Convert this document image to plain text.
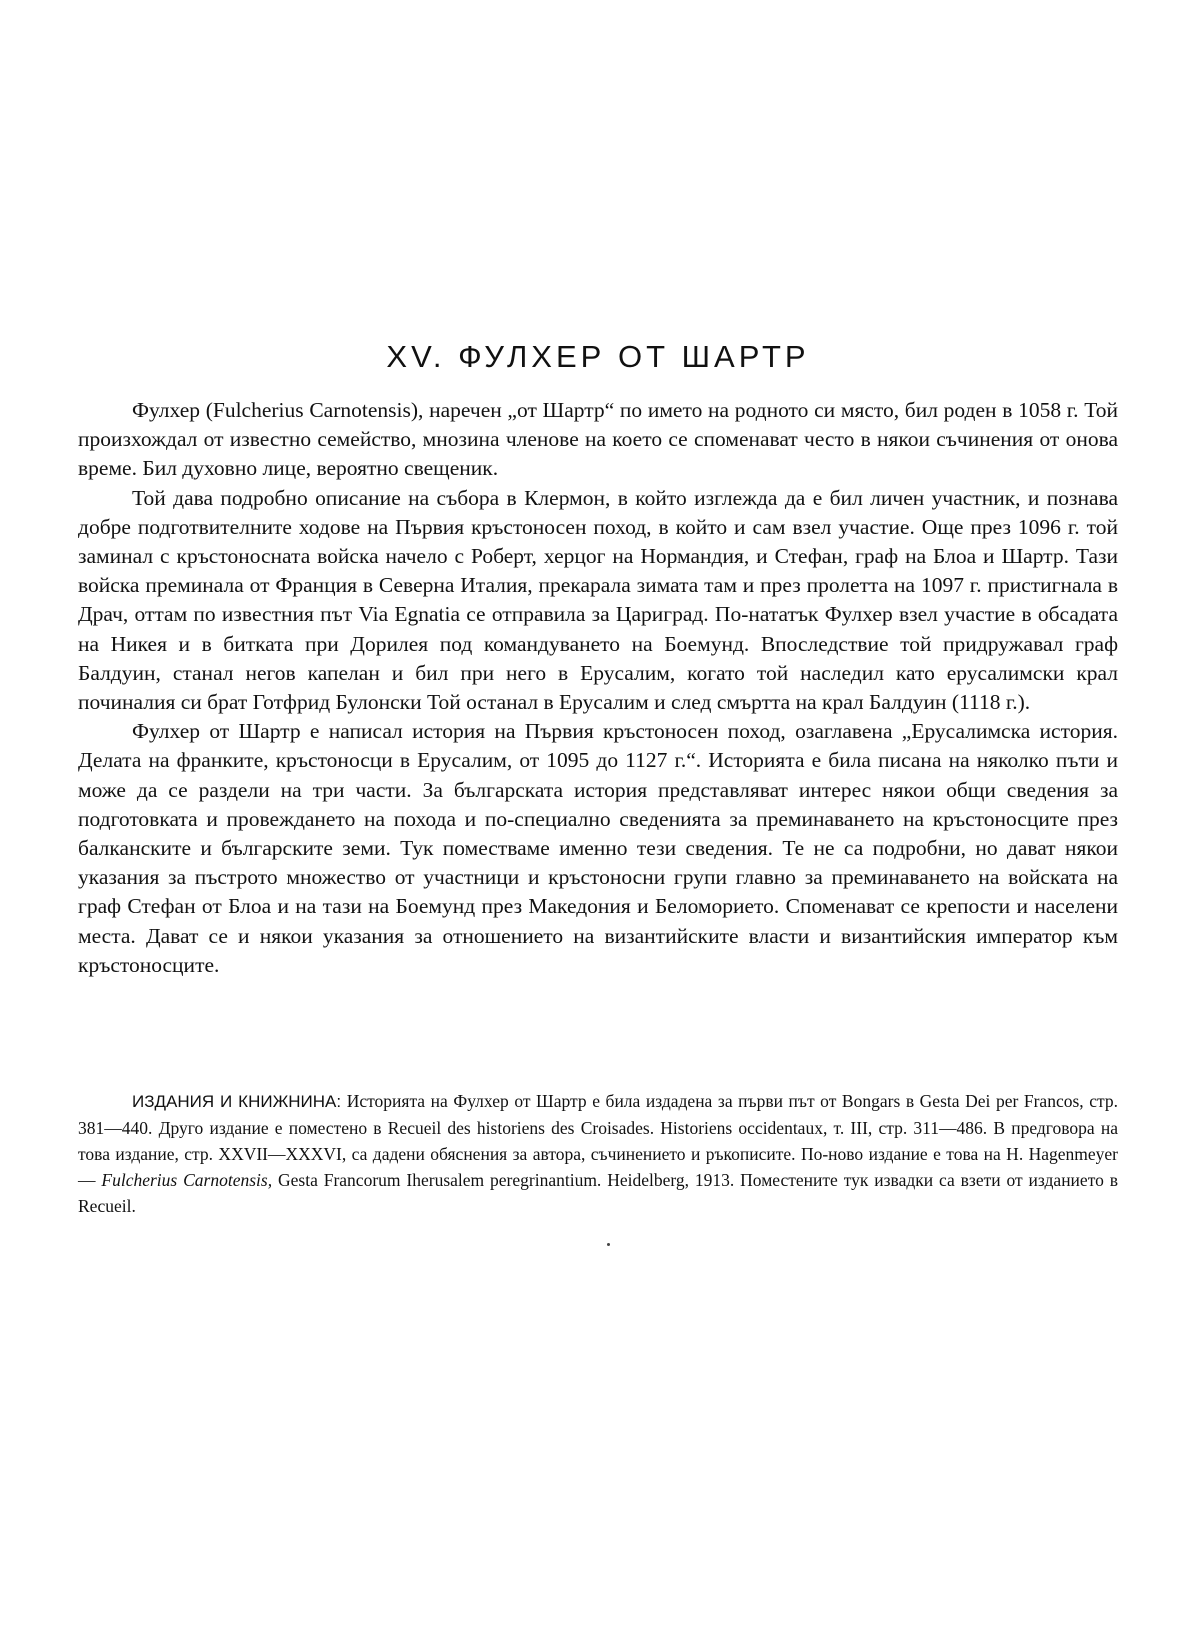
XV. ФУЛХЕР ОТ ШАРТР

Фулхер (Fulcherius Carnotensis), наречен „от Шартр“ по името на родното си място, бил роден в 1058 г. Той произхождал от известно семейство, мнозина членове на което се споменават често в някои съчинения от онова време. Бил духовно лице, вероятно свещеник.

Той дава подробно описание на събора в Клермон, в който изглежда да е бил личен участник, и познава добре подготвителните ходове на Първия кръстоносен поход, в който и сам взел участие. Още през 1096 г. той заминал с кръстоносната войска начело с Роберт, херцог на Нормандия, и Стефан, граф на Блоа и Шартр. Тази войска преминала от Франция в Северна Италия, прекарала зимата там и през пролетта на 1097 г. пристигнала в Драч, оттам по известния път Via Egnatia се отправила за Цариград. По-нататък Фулхер взел участие в обсадата на Никея и в битката при Дорилея под командуването на Боемунд. Впоследствие той придружавал граф Балдуин, станал негов капелан и бил при него в Ерусалим, когато той наследил като ерусалимски крал починалия си брат Готфрид Булонски Той останал в Ерусалим и след смъртта на крал Балдуин (1118 г.).

Фулхер от Шартр е написал история на Първия кръстоносен поход, озаглавена „Ерусалимска история. Делата на франките, кръстоносци в Ерусалим, от 1095 до 1127 г.“. Историята е била писана на няколко пъти и може да се раздели на три части. За българската история представляват интерес някои общи сведения за подготовката и провеждането на похода и по-специално сведенията за преминаването на кръстоносците през балканските и българските земи. Тук поместваме именно тези сведения. Те не са подробни, но дават някои указания за пъстрото множество от участници и кръстоносни групи главно за преминаването на войската на граф Стефан от Блоа и на тази на Боемунд през Македония и Беломорието. Споменават се крепости и населени места. Дават се и някои указания за отношението на византийските власти и византийския император към кръстоносците.

ИЗДАНИЯ И КНИЖНИНА: Историята на Фулхер от Шартр е била издадена за първи път от Bongars в Gesta Dei per Francos, стр. 381—440. Друго издание е поместено в Recueil des historiens des Croisades. Historiens occidentaux, т. III, стр. 311—486. В предговора на това издание, стр. XXVII—XXXVI, са дадени обяснения за автора, съчинението и ръкописите. По-ново издание е това на H. Hagenmeyer — Fulcherius Carnotensis, Gesta Francorum Iherusalem peregrinantium. Heidelberg, 1913. Поместените тук извадки са взети от изданието в Recueil.
